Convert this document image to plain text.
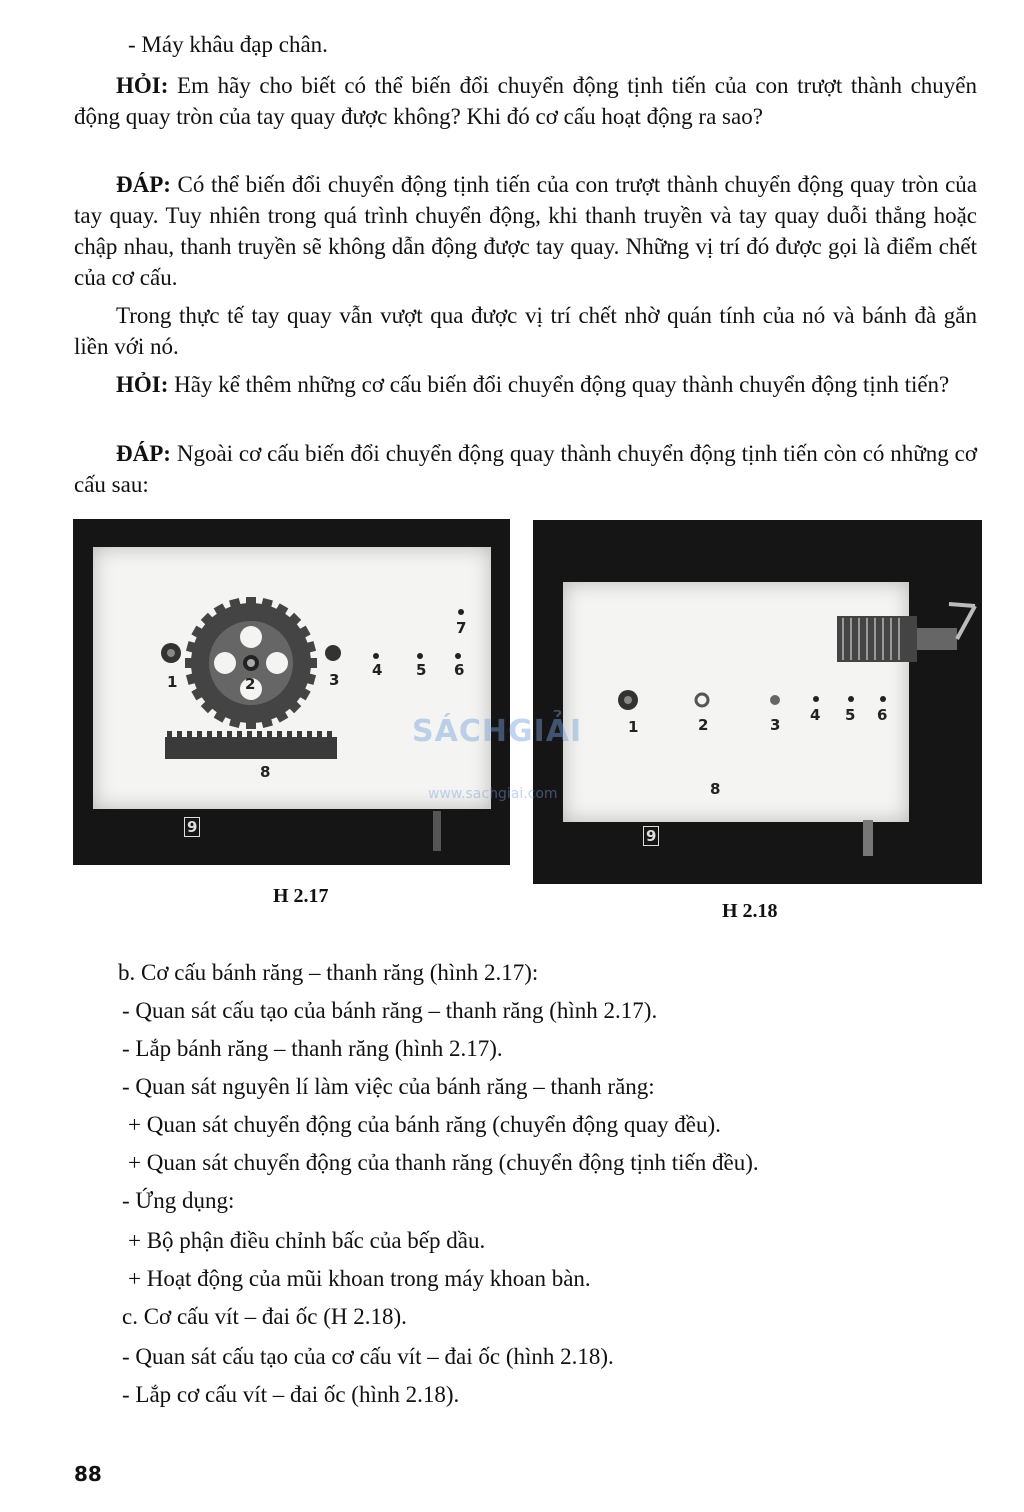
- Máy khâu đạp chân.
HỎI: Em hãy cho biết có thể biến đổi chuyển động tịnh tiến của con trượt thành chuyển động quay tròn của tay quay được không? Khi đó cơ cấu hoạt động ra sao?
ĐÁP: Có thể biến đổi chuyển động tịnh tiến của con trượt thành chuyển động quay tròn của tay quay. Tuy nhiên trong quá trình chuyển động, khi thanh truyền và tay quay duỗi thẳng hoặc chập nhau, thanh truyền sẽ không dẫn động được tay quay. Những vị trí đó được gọi là điểm chết của cơ cấu.
Trong thực tế tay quay vẫn vượt qua được vị trí chết nhờ quán tính của nó và bánh đà gắn liền với nó.
HỎI: Hãy kể thêm những cơ cấu biến đổi chuyển động quay thành chuyển động tịnh tiến?
ĐÁP: Ngoài cơ cấu biến đổi chuyển động quay thành chuyển động tịnh tiến còn có những cơ cấu sau:
1	2	3
4 5 6
7
8
9
1	2	3
4 5 6
8
9
SÁCHGIẢI
www.sachgiai.com
H 2.17
H 2.18
b. Cơ cấu bánh răng – thanh răng (hình 2.17):
- Quan sát cấu tạo của bánh răng – thanh răng (hình 2.17).
- Lắp bánh răng – thanh răng (hình 2.17).
- Quan sát nguyên lí làm việc của bánh răng – thanh răng:
+ Quan sát chuyển động của bánh răng (chuyển động quay đều).
+ Quan sát chuyển động của thanh răng (chuyển động tịnh tiến đều).
- Ứng dụng:
+ Bộ phận điều chỉnh bấc của bếp dầu.
+ Hoạt động của mũi khoan trong máy khoan bàn.
c. Cơ cấu vít – đai ốc (H 2.18).
- Quan sát cấu tạo của cơ cấu vít – đai ốc (hình 2.18).
- Lắp cơ cấu vít – đai ốc (hình 2.18).
88
